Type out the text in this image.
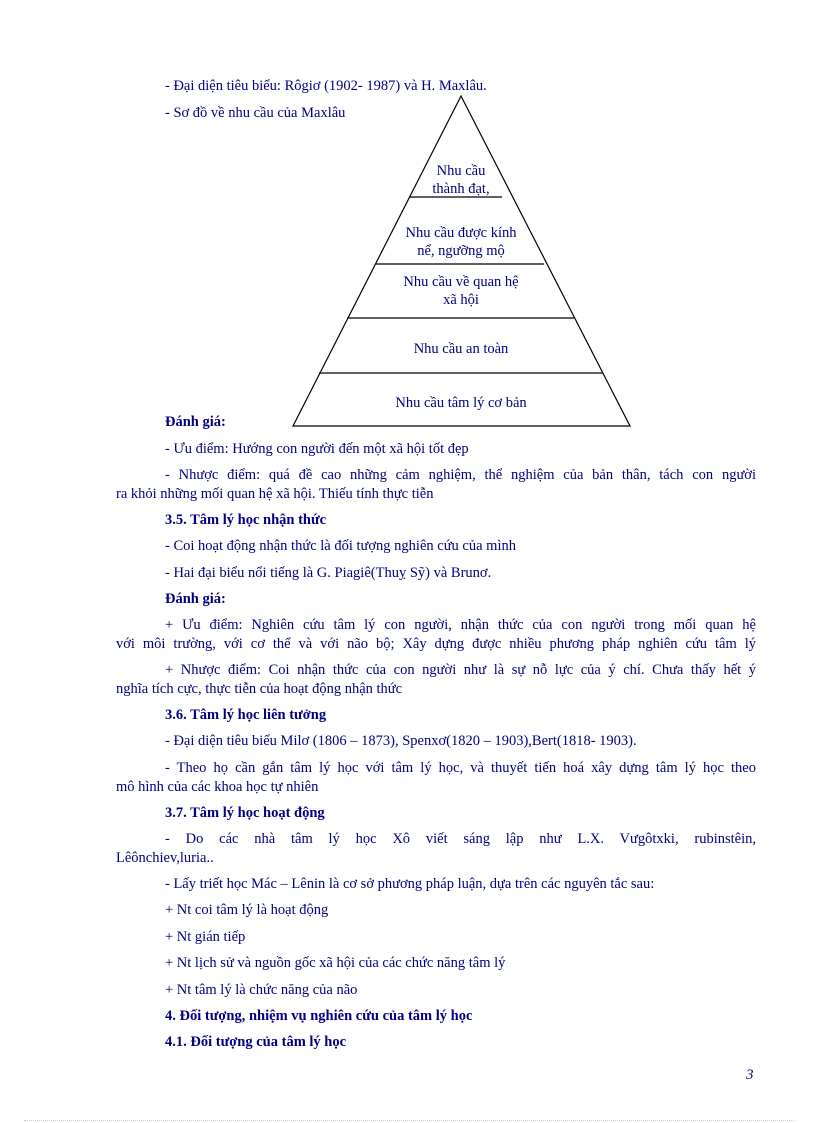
- Đại diện tiêu biểu: Rôgiơ (1902- 1987) và H. Maxlâu.
- Sơ đồ về nhu cầu của Maxlâu
Nhu cầu
thành đạt,
Nhu cầu được kính
nể, ngưỡng mộ
Nhu cầu về quan hệ
xã hội
Nhu cầu an toàn
Nhu cầu tâm lý cơ bản
Đánh giá:
- Ưu điểm: Hướng con người đến một xã hội tốt đẹp
- Nhược điểm: quá đề cao những cảm nghiệm, thể nghiệm của bản thân, tách con người
ra khỏi những mối quan hệ xã hội. Thiếu tính thực tiễn
3.5. Tâm lý học nhận thức
- Coi hoạt động nhận thức là đối tượng nghiên cứu của mình
- Hai đại biểu nổi tiếng là G. Piagiê(Thuỵ Sỹ) và Brunơ.
Đánh giá:
+ Ưu điểm: Nghiên cứu tâm lý con người, nhận thức của con người trong mối quan hệ
với môi trường, với cơ thể và với não bộ; Xây dựng được nhiều phương pháp nghiên cứu tâm lý
+ Nhược điểm: Coi nhận thức của con người như là sự nỗ lực của ý chí. Chưa thấy hết ý
nghĩa tích cực, thực tiễn của hoạt động nhận thức
3.6. Tâm lý học liên tưởng
- Đại diện tiêu biểu Milơ (1806 – 1873), Spenxơ(1820 – 1903),Bert(1818- 1903).
- Theo họ cần gắn tâm lý học với tâm lý học, và thuyết tiến hoá xây dựng tâm lý học theo
mô hình của các khoa học tự nhiên
3.7. Tâm lý học hoạt động
- Do các nhà tâm lý học Xô viết sáng lập như L.X. Vưgôtxki, rubinstêin,
Lêônchiev,luria..
- Lấy triết học Mác – Lênin là cơ sở phương pháp luận, dựa trên các nguyên tắc sau:
+ Nt coi tâm lý là hoạt động
+ Nt gián tiếp
+ Nt lịch sử và nguồn gốc xã hội của các chức năng tâm lý
+ Nt tâm lý là chức năng của não
4. Đối tượng, nhiệm vụ nghiên cứu của tâm lý học
4.1. Đối tượng của tâm lý học
3
